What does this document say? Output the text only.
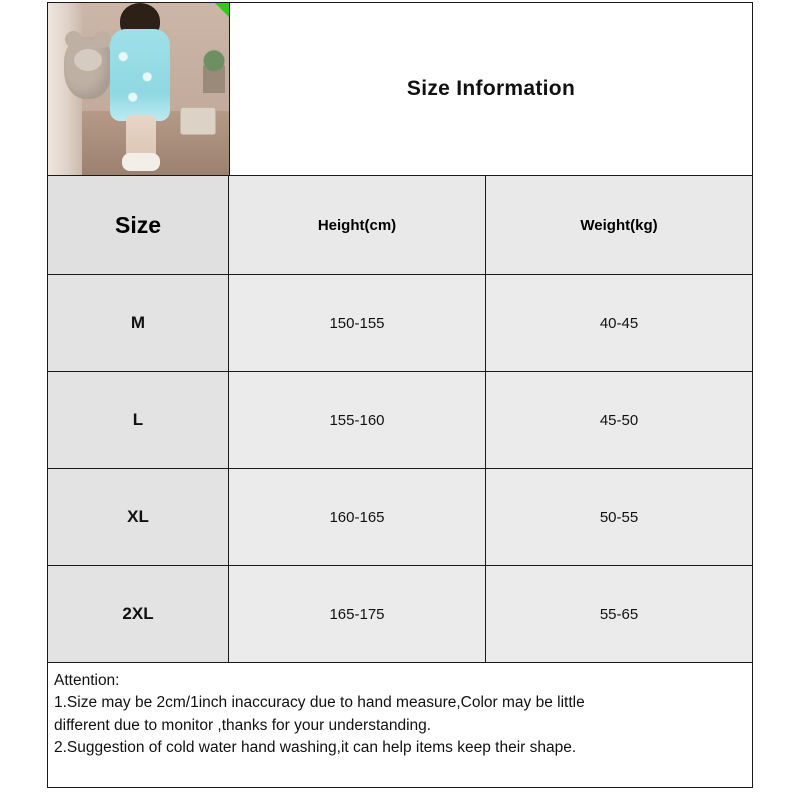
Size Information
Size	Height(cm)	Weight(kg)
M	150-155	40-45
L	155-160	45-50
XL	160-165	50-55
2XL	165-175	55-65

Attention:

1.Size may be 2cm/1inch inaccuracy due to hand measure,Color may be little

different due to monitor ,thanks for your understanding.

2.Suggestion of cold water hand washing,it can help items keep their shape.
